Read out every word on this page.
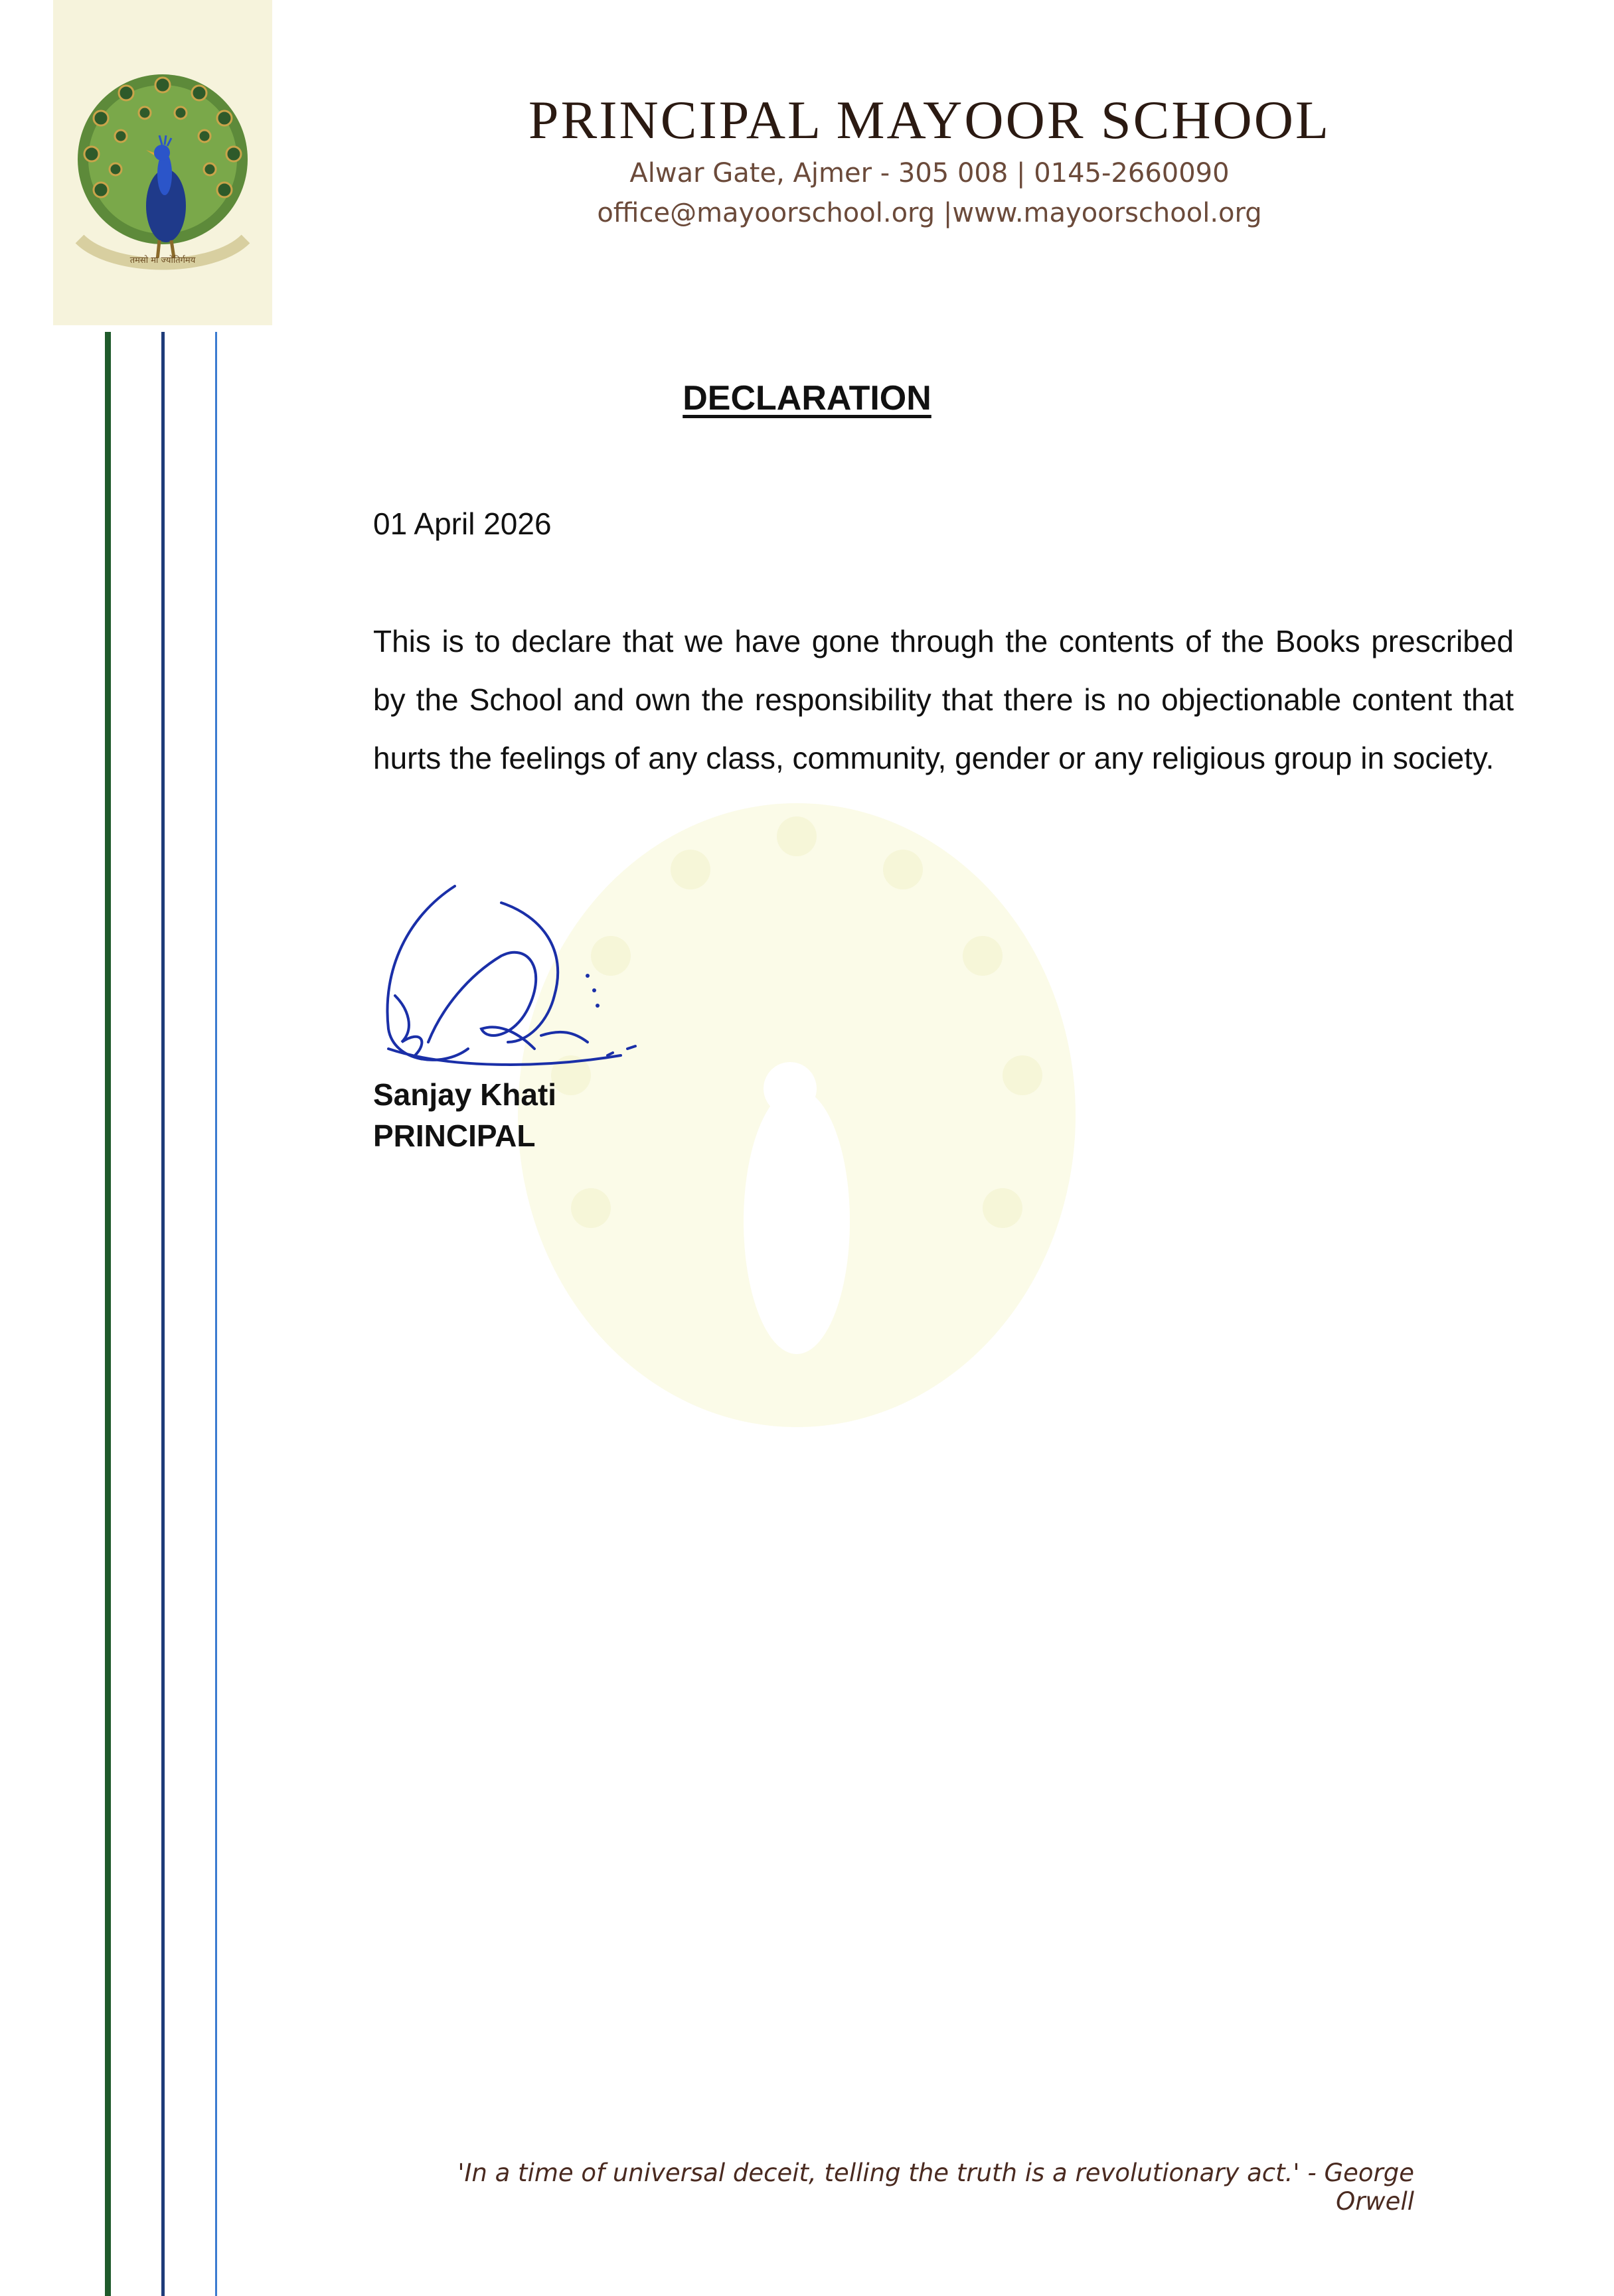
तमसो मा ज्योतिर्गमय
PRINCIPAL MAYOOR SCHOOL
Alwar Gate, Ajmer - 305 008 | 0145-2660090
office@mayoorschool.org |www.mayoorschool.org
DECLARATION
01 April 2026

This is to declare that we have gone through the contents of the Books prescribed by the School and own the responsibility that there is no objectionable content that hurts the feelings of any class, community, gender or any religious group in society.

Sanjay Khati
PRINCIPAL
'In a time of universal deceit, telling the truth is a revolutionary act.' - George Orwell
